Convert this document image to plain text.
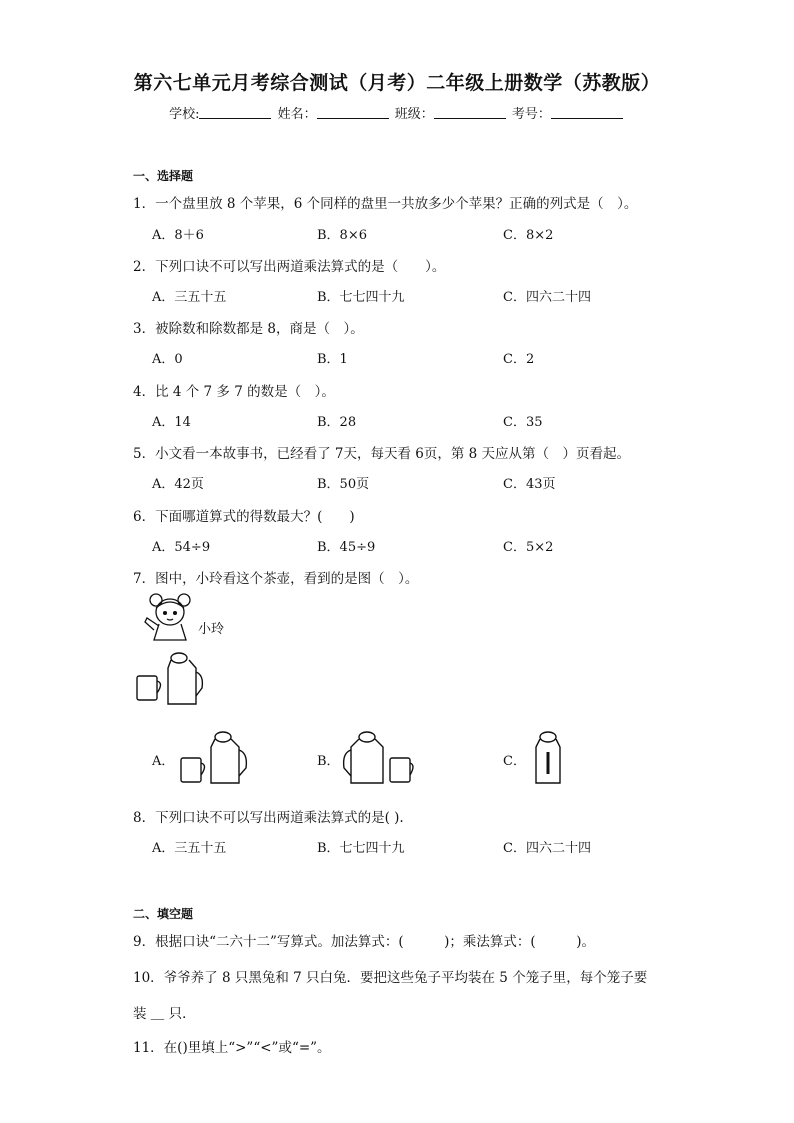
第六七单元月考综合测试（月考）二年级上册数学（苏教版）
学校:	姓名：	班级：	考号：
一、选择题
1．一个盘里放 8 个苹果，6 个同样的盘里一共放多少个苹果？正确的列式是（　）。
A．8＋6	B．8×6	C．8×2
2．下列口诀不可以写出两道乘法算式的是（　　）。
A．三五十五	B．七七四十九	C．四六二十四
3．被除数和除数都是 8，商是（　）。
A．0	B．1	C．2
4．比 4 个 7 多 7 的数是（　）。
A．14	B．28	C．35
5．小文看一本故事书，已经看了 7天，每天看 6页，第 8 天应从第（　）页看起。
A．42页	B．50页	C．43页
6．下面哪道算式的得数最大？(　　)
A．54÷9	B．45÷9	C．5×2
7．图中，小玲看这个茶壶，看到的是图（　）。
小玲
A．	B．	C．
8．下列口诀不可以写出两道乘法算式的是( ).
A．三五十五	B．七七四十九	C．四六二十四
二、填空题
9．根据口诀“二六十二”写算式。加法算式：(　　　)；乘法算式：(　　　)。
10．爷爷养了 8 只黑兔和 7 只白兔．要把这些兔子平均装在 5 个笼子里，每个笼子要
装 ＿ 只．
11．在()里填上“>”“<”或“=”。
